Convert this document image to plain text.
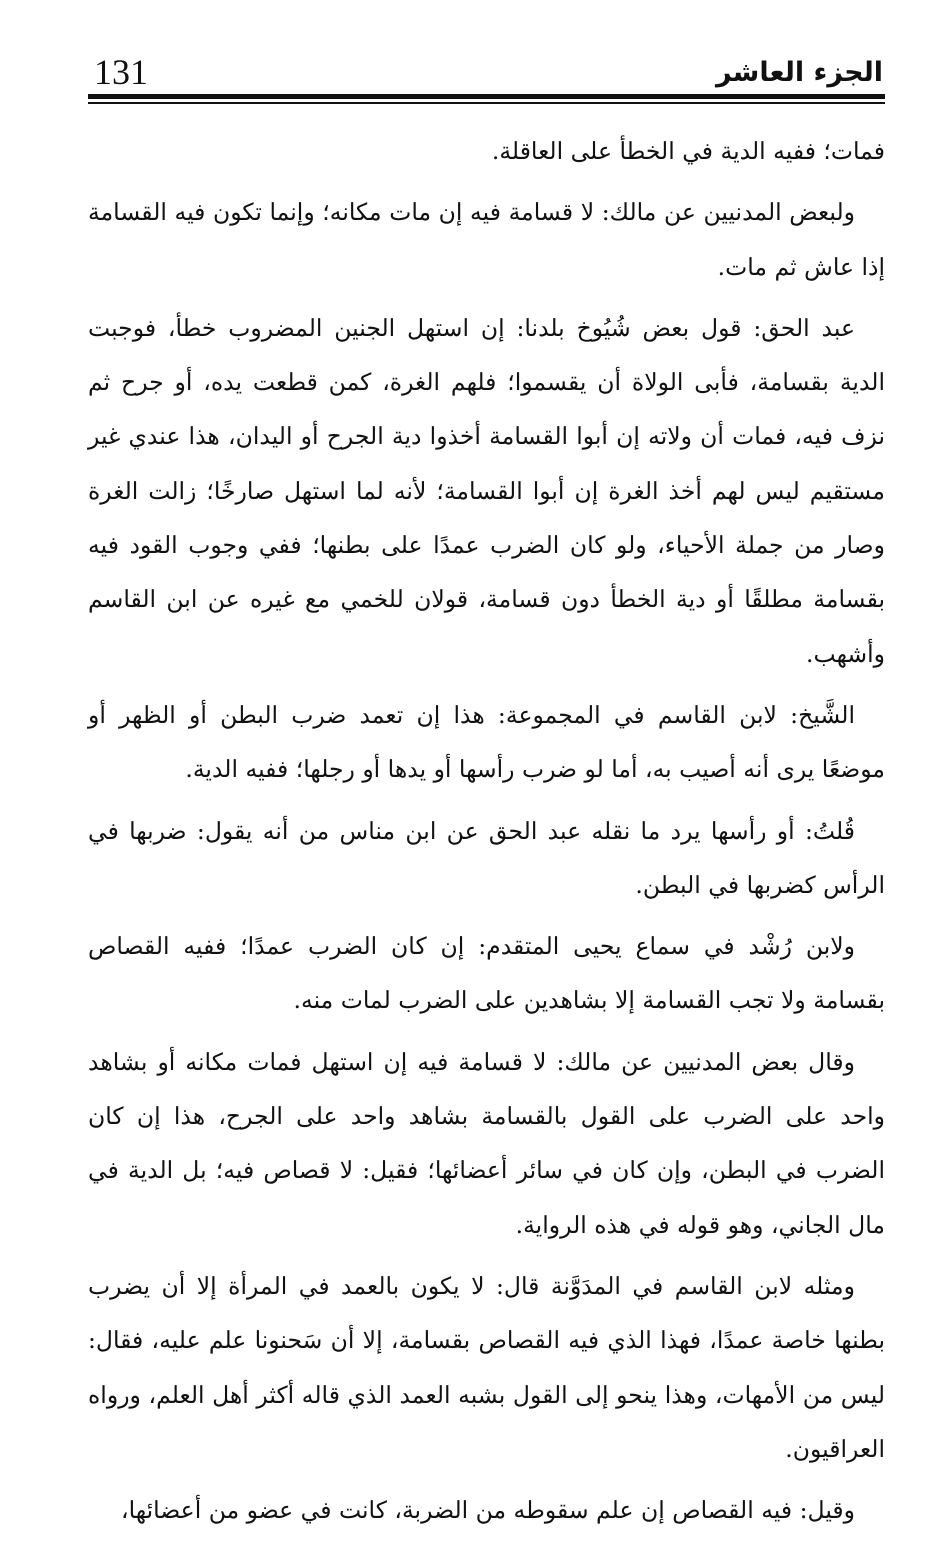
131	الجزء العاشر

فمات؛ ففيه الدية في الخطأ على العاقلة.

ولبعض المدنيين عن مالك: لا قسامة فيه إن مات مكانه؛ وإنما تكون فيه القسامة إذا عاش ثم مات.

عبد الحق: قول بعض شُيُوخ بلدنا: إن استهل الجنين المضروب خطأ، فوجبت الدية بقسامة، فأبى الولاة أن يقسموا؛ فلهم الغرة، كمن قطعت يده، أو جرح ثم نزف فيه، فمات أن ولاته إن أبوا القسامة أخذوا دية الجرح أو اليدان، هذا عندي غير مستقيم ليس لهم أخذ الغرة إن أبوا القسامة؛ لأنه لما استهل صارخًا؛ زالت الغرة وصار من جملة الأحياء، ولو كان الضرب عمدًا على بطنها؛ ففي وجوب القود فيه بقسامة مطلقًا أو دية الخطأ دون قسامة، قولان للخمي مع غيره عن ابن القاسم وأشهب.

الشَّيخ: لابن القاسم في المجموعة: هذا إن تعمد ضرب البطن أو الظهر أو موضعًا يرى أنه أصيب به، أما لو ضرب رأسها أو يدها أو رجلها؛ ففيه الدية.

قُلتُ: أو رأسها يرد ما نقله عبد الحق عن ابن مناس من أنه يقول: ضربها في الرأس كضربها في البطن.

ولابن رُشْد في سماع يحيى المتقدم: إن كان الضرب عمدًا؛ ففيه القصاص بقسامة ولا تجب القسامة إلا بشاهدين على الضرب لمات منه.

وقال بعض المدنيين عن مالك: لا قسامة فيه إن استهل فمات مكانه أو بشاهد واحد على الضرب على القول بالقسامة بشاهد واحد على الجرح، هذا إن كان الضرب في البطن، وإن كان في سائر أعضائها؛ فقيل: لا قصاص فيه؛ بل الدية في مال الجاني، وهو قوله في هذه الرواية.

ومثله لابن القاسم في المدَوَّنة قال: لا يكون بالعمد في المرأة إلا أن يضرب بطنها خاصة عمدًا، فهذا الذي فيه القصاص بقسامة، إلا أن سَحنونا علم عليه، فقال: ليس من الأمهات، وهذا ينحو إلى القول بشبه العمد الذي قاله أكثر أهل العلم، ورواه العراقيون.

وقيل: فيه القصاص إن علم سقوطه من الضربة، كانت في عضو من أعضائها،
